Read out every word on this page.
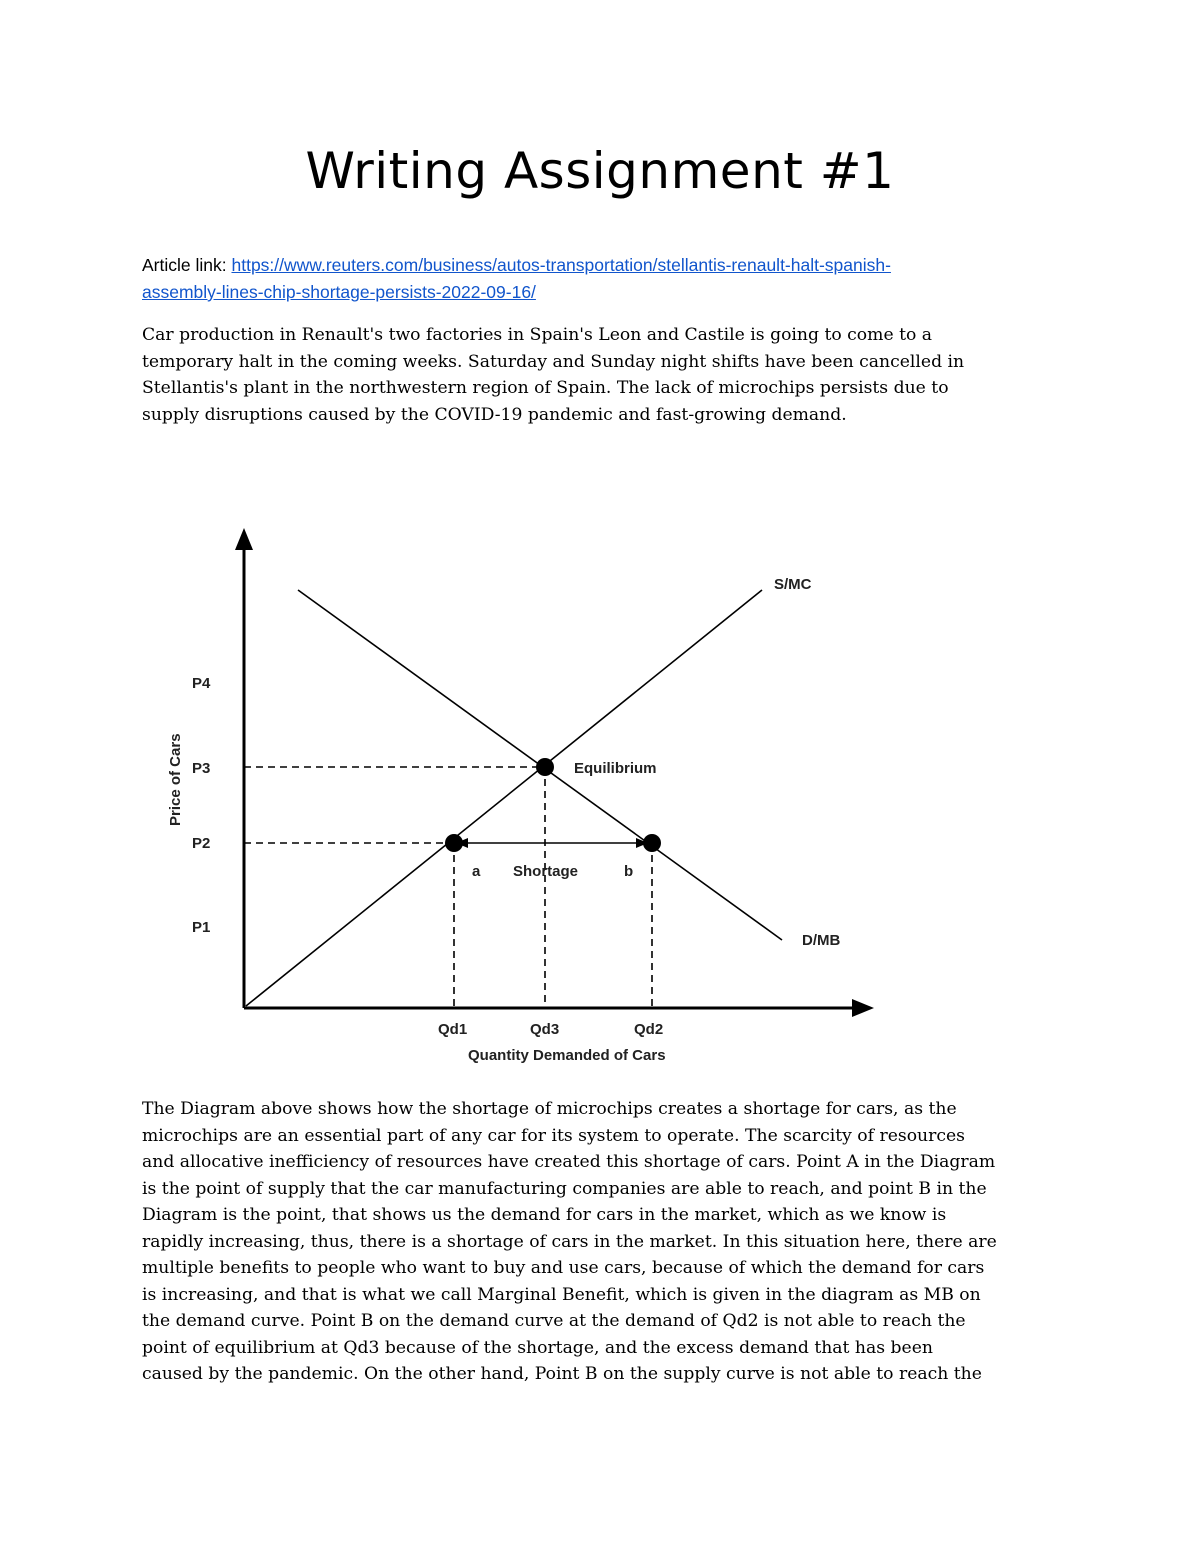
Writing Assignment #1
Article link: https://www.reuters.com/business/autos-transportation/stellantis-renault-halt-spanish-
assembly-lines-chip-shortage-persists-2022-09-16/
Car production in Renault's two factories in Spain's Leon and Castile is going to come to a
temporary halt in the coming weeks. Saturday and Sunday night shifts have been cancelled in
Stellantis's plant in the northwestern region of Spain. The lack of microchips persists due to
supply disruptions caused by the COVID-19 pandemic and fast-growing demand.
P4
P3
P2
P1
Price of Cars
Qd1	Qd3	Qd2
Quantity Demanded of Cars
S/MC
D/MB
Equilibrium
a Shortage	b
The Diagram above shows how the shortage of microchips creates a shortage for cars, as the
microchips are an essential part of any car for its system to operate. The scarcity of resources
and allocative inefficiency of resources have created this shortage of cars. Point A in the Diagram
is the point of supply that the car manufacturing companies are able to reach, and point B in the
Diagram is the point, that shows us the demand for cars in the market, which as we know is
rapidly increasing, thus, there is a shortage of cars in the market. In this situation here, there are
multiple benefits to people who want to buy and use cars, because of which the demand for cars
is increasing, and that is what we call Marginal Benefit, which is given in the diagram as MB on
the demand curve. Point B on the demand curve at the demand of Qd2 is not able to reach the
point of equilibrium at Qd3 because of the shortage, and the excess demand that has been
caused by the pandemic. On the other hand, Point B on the supply curve is not able to reach the
